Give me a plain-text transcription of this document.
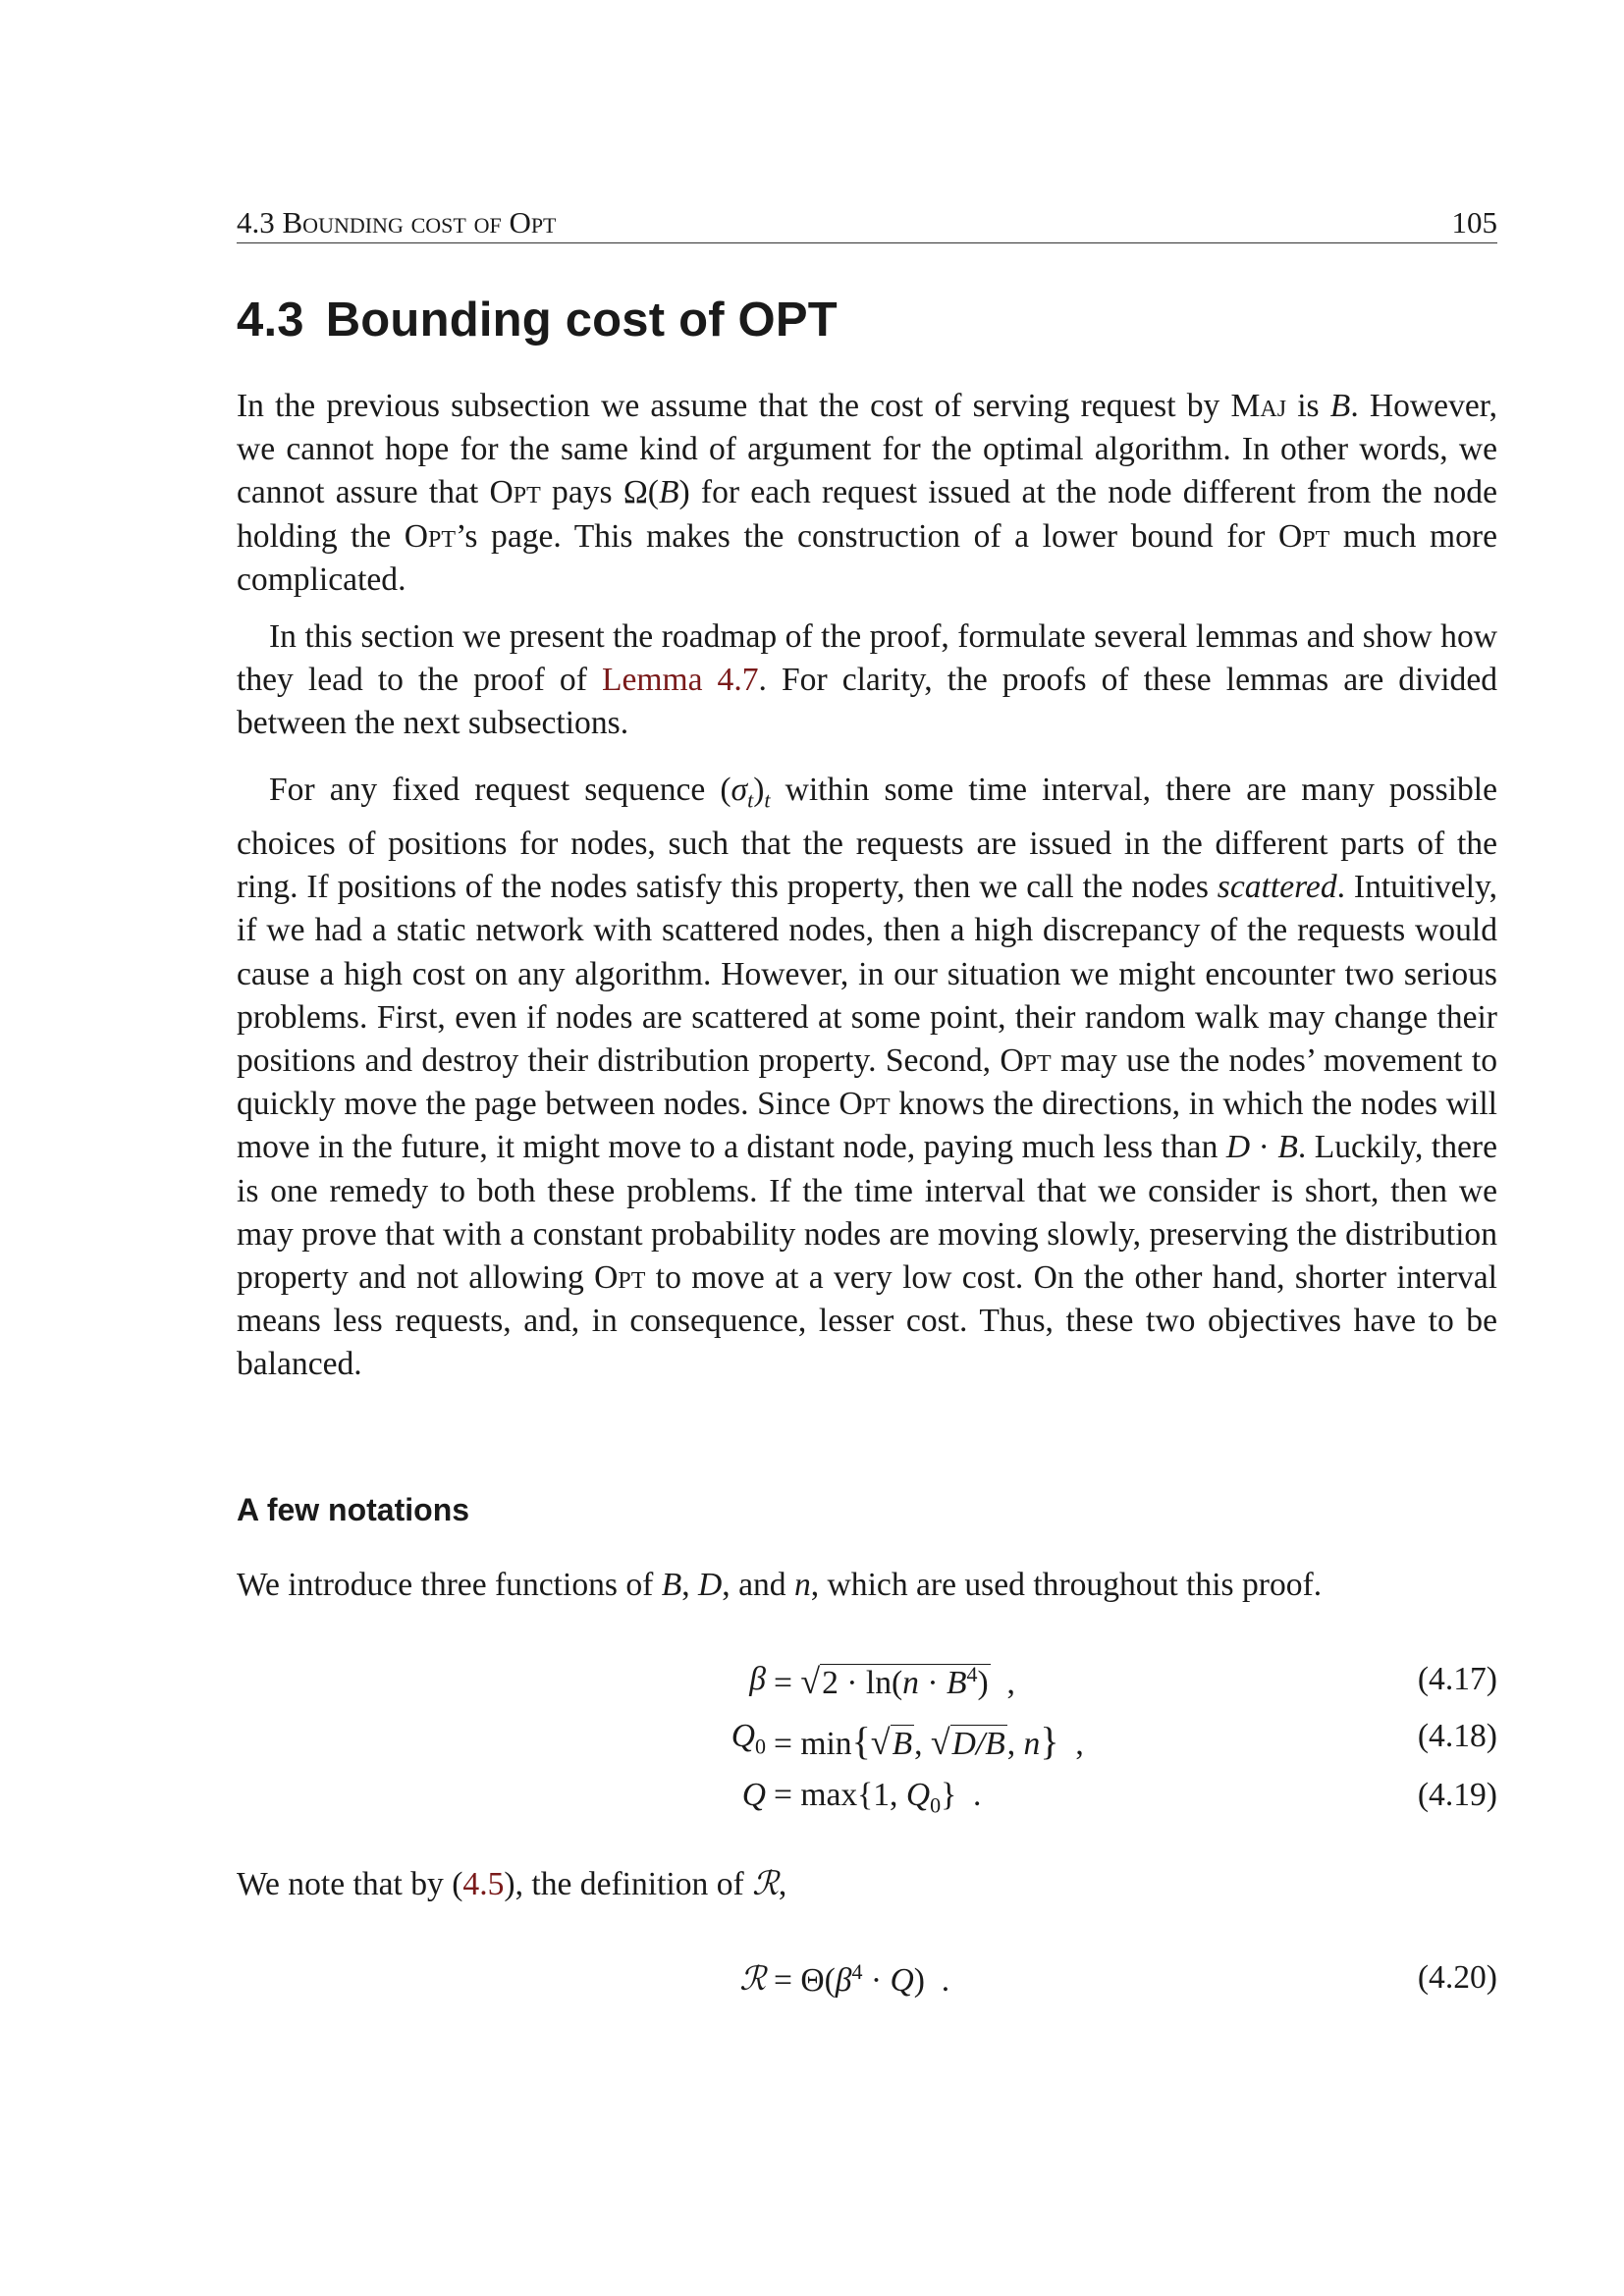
4.3 Bounding cost of Opt	105
4.3 Bounding cost of OPT

In the previous subsection we assume that the cost of serving request by Maj is B. However, we cannot hope for the same kind of argument for the optimal algorithm. In other words, we cannot assure that Opt pays Ω(B) for each request issued at the node different from the node holding the Opt’s page. This makes the construction of a lower bound for Opt much more complicated.

In this section we present the roadmap of the proof, formulate several lemmas and show how they lead to the proof of Lemma 4.7. For clarity, the proofs of these lemmas are divided between the next subsections.

For any fixed request sequence $(\sigma_t)_t$ within some time interval, there are many possible choices of positions for nodes, such that the requests are issued in the different parts of the ring. If positions of the nodes satisfy this property, then we call the nodes scattered. Intuitively, if we had a static network with scattered nodes, then a high discrepancy of the requests would cause a high cost on any algorithm. However, in our situation we might encounter two serious problems. First, even if nodes are scattered at some point, their random walk may change their positions and destroy their distribution property. Second, Opt may use the nodes’ movement to quickly move the page between nodes. Since Opt knows the directions, in which the nodes will move in the future, it might move to a distant node, paying much less than D · B. Luckily, there is one remedy to both these problems. If the time interval that we consider is short, then we may prove that with a constant probability nodes are moving slowly, preserving the distribution property and not allowing Opt to move at a very low cost. On the other hand, shorter interval means less requests, and, in consequence, lesser cost. Thus, these two objectives have to be balanced.

A few notations

We introduce three functions of B, D, and n, which are used throughout this proof.

$\beta = √2 \cdot \ln(n \cdot B^4)$  ,	(4.17)
$Q_0 = \min\{√B$, √D/B, n}  ,	(4.18)
Q = max{1, $Q_0$}  .	(4.19)

We note that by (4.5), the definition of ℛ,

ℛ = $\Theta(\beta^4 \cdot Q)$  .	(4.20)
